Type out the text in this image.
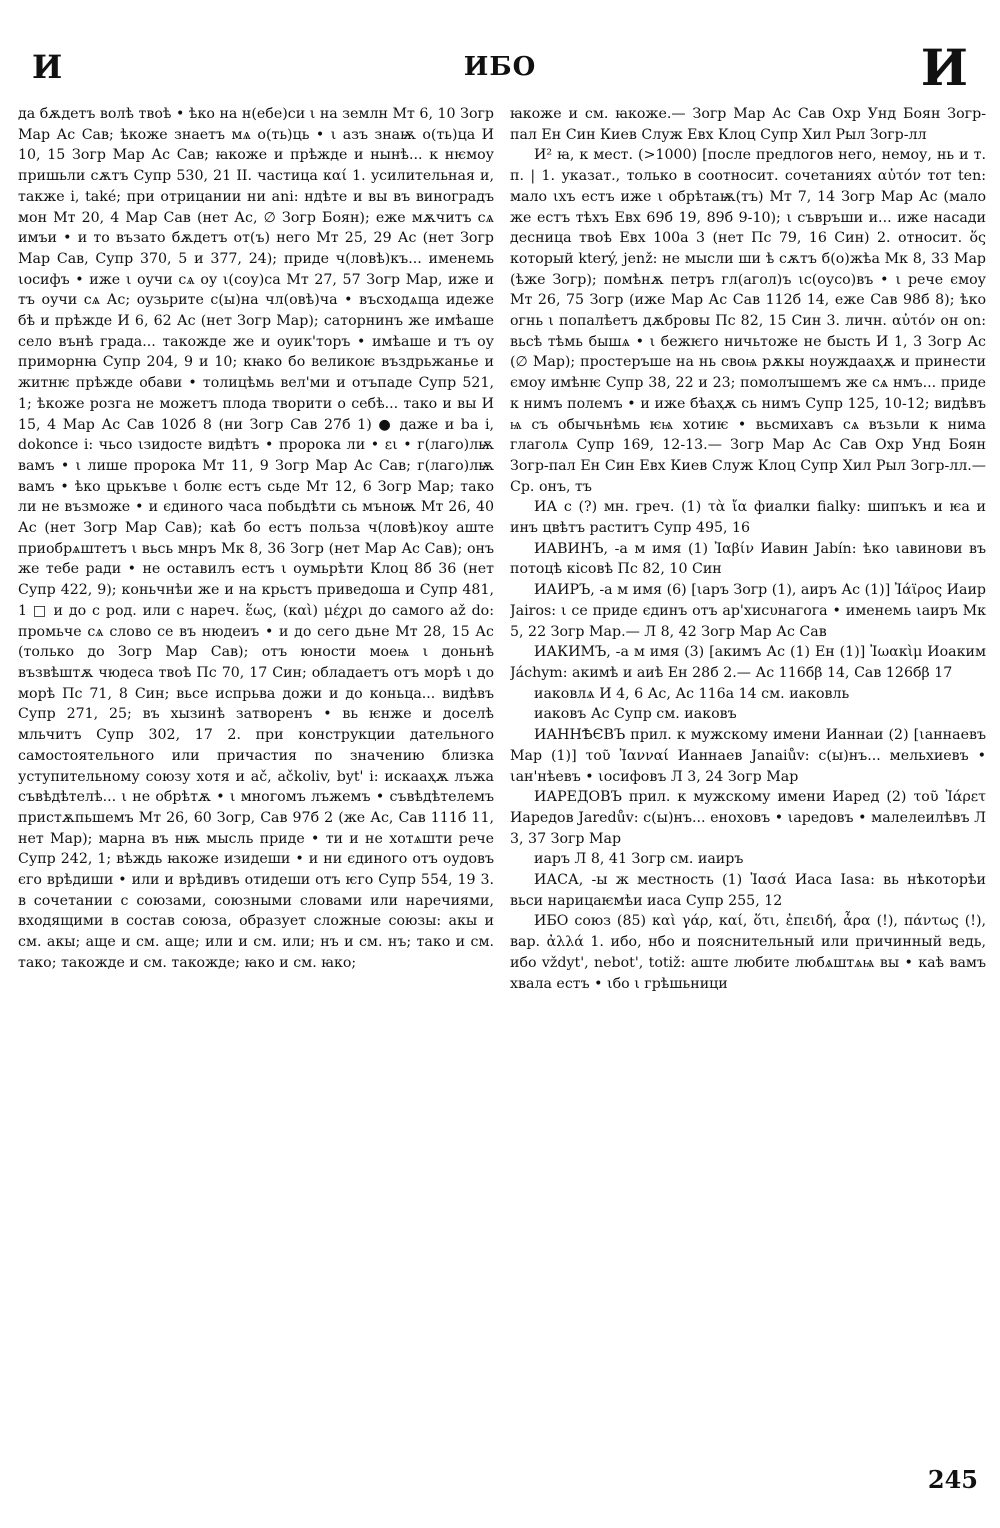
И	ИБО	И

да бѫдетъ волѣ твоѣ • ѣко на н(ебе)си ι на землн Мт 6, 10 Зогр Мар Ас Сав; ѣкоже знаетъ мѧ о(ть)ць • ι азъ знаѭ о(ть)ца И 10, 15 Зогр Мар Ас Сав; ꙗкоже и прѣжде и нынѣ... к нѥмоу пришьли сѫтъ Супр 530, 21 II. частица καί 1. усилительная и, также i, také; при отрицании ни ani: ндѣте и вы въ виноградъ мон Мт 20, 4 Мар Сав (нет Ас, ∅ Зогр Боян); еже мѫчитъ сѧ имъи • и то възато бѫдетъ от(ъ) него Мт 25, 29 Ас (нет Зогр Мар Сав, Супр 370, 5 и 377, 24); приде ч(ловѣ)къ... именемь ιосифъ • иже ι оучи сѧ оу ι(соу)са Мт 27, 57 Зогр Мар, иже и тъ оучи сѧ Ас; оузьрите с(ы)на чл(овѣ)ча • въсходѧща идеже бѣ и прѣжде И 6, 62 Ас (нет Зогр Мар); саторнинъ же имѣаше село вънѣ града... такожде же и оуик'торъ • имѣаше и тъ оу приморнꙗ Супр 204, 9 и 10; кꙗко бо великоѥ въздрьжанье и житнѥ прѣжде обави • толицѣмь вел'ми и отъпаде Супр 521, 1; ѣкоже розга не можетъ плода творити о себѣ... тако и вы И 15, 4 Мар Ас Сав 102б 8 (ни Зогр Сав 27б 1) ● даже и ba i, dokonce i: чьсо ιзидосте видѣтъ • пророка ли • ει • г(лаго)лѭ вамъ • ι лише пророка Мт 11, 9 Зогр Мар Ас Сав; г(лаго)лѭ вамъ • ѣко црькъве ι болѥ естъ сьде Мт 12, 6 Зогр Мар; тако ли не възможе • и єдиного часа побьдѣти сь мъноѭ Мт 26, 40 Ас (нет Зогр Мар Сав); каѣ бо естъ польза ч(ловѣ)коу аште приобрѧштетъ ι вьсь мнръ Мк 8, 36 Зогр (нет Мар Ас Сав); онъ же тебе ради • не оставилъ естъ ι оумьрѣти Клоц 8б 36 (нет Супр 422, 9); коньчнѣи же и на крьстъ приведоша и Супр 481, 1 □ и до с род. или с нареч. ἕως, (καὶ) μέχρι до самого až do: промьче сѧ слово се въ нюдеиъ • и до сего дьне Мт 28, 15 Ас (только до Зогр Мар Сав); отъ юности моеѩ ι доньнѣ възвѣштѫ чюдеса твоѣ Пс 70, 17 Син; обладаетъ отъ морѣ ι до морѣ Пс 71, 8 Син; вьсе испрьва дожи и до коньца... видѣвъ Супр 271, 25; въ хызинѣ затворенъ • вь ѥнже и доселѣ мльчитъ Супр 302, 17 2. при конструкции дательного самостоятельного или причастия по значению близка уступительному союзу хотя и ač, ačkoliv, byt' i: искааҳѫ лъжа съвѣдѣтелѣ... ι не обрѣтѫ • ι многомъ лъжемъ • съвѣдѣтелемъ пристѫпьшемъ Мт 26, 60 Зогр, Сав 97б 2 (же Ас, Сав 111б 11, нет Мар); марна въ нѭ мысль приде • ти и не хотѧшти рече Супр 242, 1; вѣждь ꙗкоже изидеши • и ни єдиного отъ оудовъ єго врѣдиши • или и врѣдивъ отидеши отъ ѥго Супр 554, 19 3. в сочетании с союзами, союзными словами или наречиями, входящими в состав союза, образует сложные союзы: акы и см. акы; аще и см. аще; или и см. или; нъ и см. нъ; тако и см. тако; такожде и см. такожде; ꙗко и см. ꙗко;

ꙗкоже и см. ꙗкоже.— Зогр Мар Ас Сав Охр Унд Боян Зогр-пал Ен Син Киев Служ Евх Клоц Супр Хил Рыл Зогр-лл

И² ꙗ, к мест. (>1000) [после предлогов него, немоу, нь и т. п. | 1. указат., только в соотносит. сочетаниях αὐτόν тот ten: мало ιхъ естъ иже ι обрѣтаѭ(тъ) Мт 7, 14 Зогр Мар Ас (мало же естъ тѣхъ Евх 69б 19, 89б 9-10); ι съвръши и... иже насади десница твоѣ Евх 100а 3 (нет Пс 79, 16 Син) 2. относит. ὅς который který, jenž: не мысли ши ѣ сѫтъ б(о)жѣа Мк 8, 33 Мар (ѣже Зогр); помѣнѫ петръ гл(агол)ъ ιс(оусо)въ • ι рече ємоу Мт 26, 75 Зогр (иже Мар Ас Сав 112б 14, еже Сав 98б 8); ѣко огнь ι попалѣетъ дѫбровы Пс 82, 15 Син 3. личн. αὐτόν он on: вьсѣ тѣмь бышѧ • ι бежѥго ничьтоже не бысть И 1, 3 Зогр Ас (∅ Мар); простеръше на нь своѩ рѫкы ноуждааҳѫ и принести ємоу имѣнѥ Супр 38, 22 и 23; помолꙑшемъ же сѧ нмъ... приде к нимъ полемъ • и иже бѣаҳѫ сь нимъ Супр 125, 10-12; видѣвъ ѩ съ обычьнѣмь ѥѩ хотиѥ • вьсмихавъ сѧ възьли к нима глаголѧ Супр 169, 12-13.— Зогр Мар Ас Сав Охр Унд Боян Зогр-пал Ен Син Евх Киев Служ Клоц Супр Хил Рыл Зогр-лл.— Ср. онъ, тъ

ИА с (?) мн. греч. (1) τὰ ἴα фиалки fialky: шипъкъ и ѥа и инъ цвѣтъ раститъ Супр 495, 16

ИАВИНЪ, -а м имя (1) Ἰαβίν Иавин Jabín: ѣко ιавинови въ потоцѣ кісовѣ Пс 82, 10 Син

ИАИРЪ, -а м имя (6) [ιаръ Зогр (1), аиръ Ас (1)] Ἰάϊρος Иаир Jairos: ι се приде єдинъ отъ ар'хисυнагога • именемь ιаиръ Мк 5, 22 Зогр Мар.— Л 8, 42 Зогр Мар Ас Сав

ИАКИМЪ, -а м имя (3) [акимъ Ас (1) Ен (1)] Ἰωακὶμ Иоаким Jáchym: акимѣ и аиѣ Ен 28б 2.— Ас 116бβ 14, Сав 126бβ 17

иаковлѧ И 4, 6 Ас, Ас 116а 14 см. иаковль

иаковъ Ас Супр см. иаковъ

ИАННѢЄВЪ прил. к мужскому имени Ианнаи (2) [ιаннаевъ Мар (1)] τοῦ Ἰανναί Ианнаев Janaiův: с(ы)нъ... мельхиевъ • ιан'нѣевъ • ιосифовъ Л 3, 24 Зогр Мар

ИАРЕДОВЪ прил. к мужскому имени Иаред (2) τοῦ Ἰάρετ Иаредов Jaredův: с(ы)нъ... еноховъ • ιаредовъ • малелеилѣвъ Л 3, 37 Зогр Мар

иаръ Л 8, 41 Зогр см. иаиръ

ИАСА, -ы ж местность (1) Ἰασά Иаса Iasa: вь нѣкоторѣи вьси нарицаѥмѣи иаса Супр 255, 12

ИБО союз (85) καὶ γάρ, καί, ὅτι, ἐπειδή, ἆρα (!), πάντως (!), вар. ἀλλά 1. ибо, нбо и пояснительный или причинный ведь, ибо vždyt', nebot', totiž: аште любите любѧштѧѩ вы • каѣ вамъ хвала естъ • ιбо ι грѣшьници

245
